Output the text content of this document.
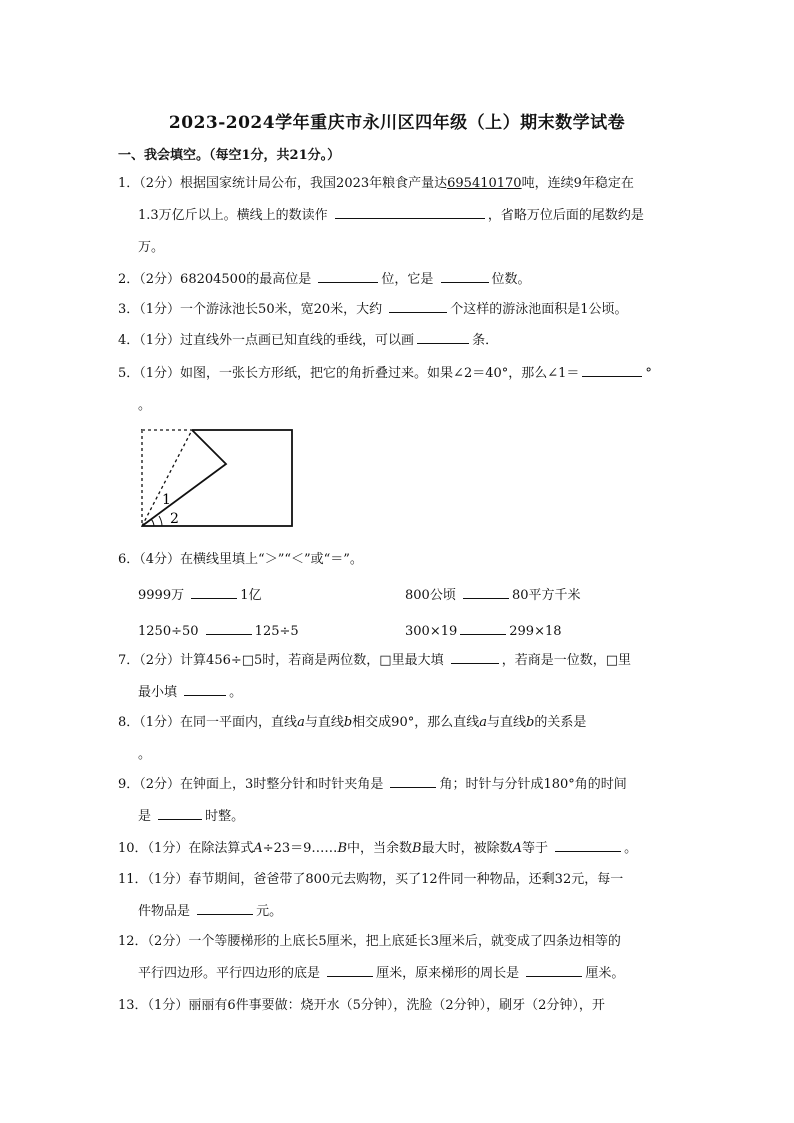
2023-2024学年重庆市永川区四年级（上）期末数学试卷
一、我会填空。（每空1分，共21分。）
1．（2分）根据国家统计局公布，我国2023年粮食产量达695410170吨，连续9年稳定在
1.3万亿斤以上。横线上的数读作	，省略万位后面的尾数约是
万。
2．（2分）68204500的最高位是	位，它是	位数。
3．（1分）一个游泳池长50米，宽20米，大约	个这样的游泳池面积是1公顷。
4．（1分）过直线外一点画已知直线的垂线，可以画	条．
5．（1分）如图，一张长方形纸，把它的角折叠过来。如果∠2＝40°，那么∠1＝	°
。
1
2
6．（4分）在横线里填上“＞”“＜”或“＝”。
9999万	1亿	800公顷	80平方千米
1250÷50	125÷5	300×19	299×18
7．（2分）计算456÷□5时，若商是两位数，□里最大填	，若商是一位数，□里
最小填	。
8．（1分）在同一平面内，直线a与直线b相交成90°，那么直线a与直线b的关系是
。
9．（2分）在钟面上，3时整分针和时针夹角是	角；时针与分针成180°角的时间
是	时整。
10．（1分）在除法算式A÷23＝9……B中，当余数B最大时，被除数A等于	。
11．（1分）春节期间，爸爸带了800元去购物，买了12件同一种物品，还剩32元，每一
件物品是	元。
12．（2分）一个等腰梯形的上底长5厘米，把上底延长3厘米后，就变成了四条边相等的
平行四边形。平行四边形的底是	厘米，原来梯形的周长是	厘米。
13．（1分）丽丽有6件事要做：烧开水（5分钟），洗脸（2分钟），刷牙（2分钟），开
